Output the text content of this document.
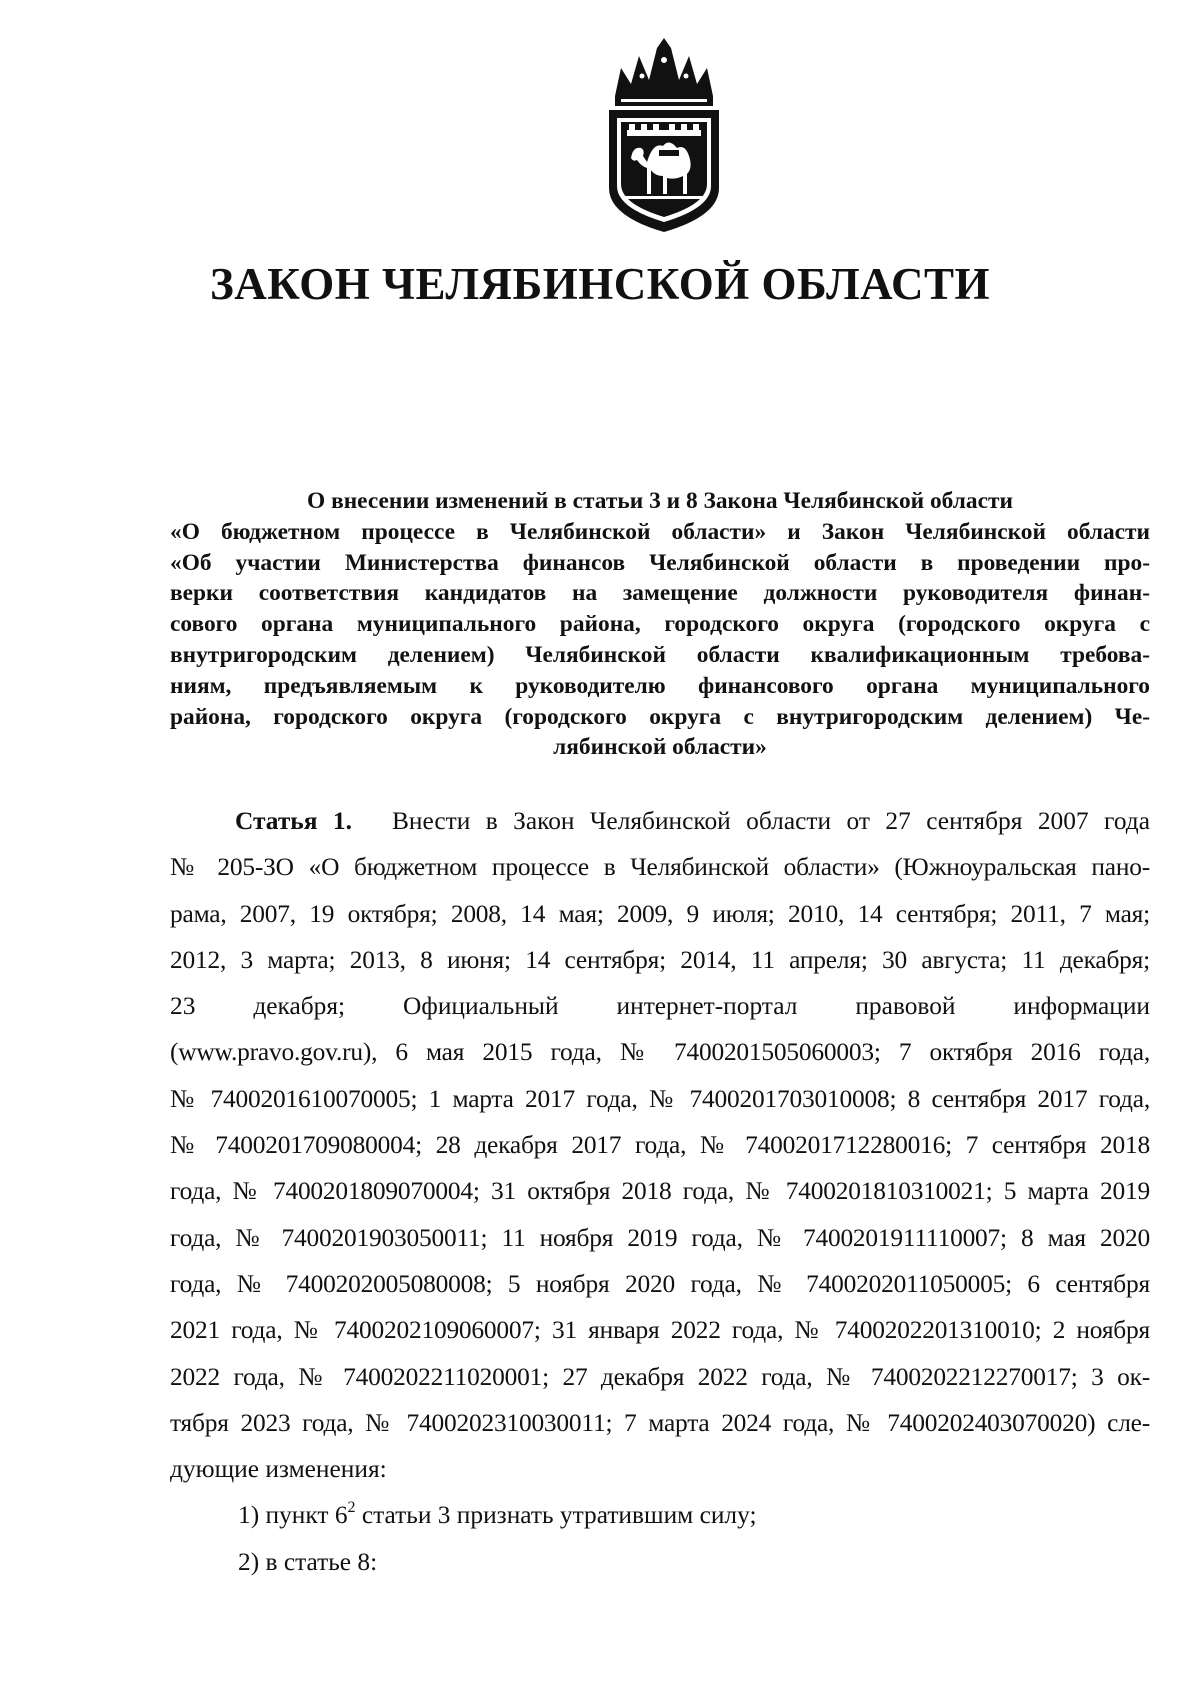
ЗАКОН ЧЕЛЯБИНСКОЙ ОБЛАСТИ
О внесении изменений в статьи 3 и 8 Закона Челябинской области
«О бюджетном процессе в Челябинской области» и Закон Челябинской области
«Об участии Министерства финансов Челябинской области в проведении про-
верки соответствия кандидатов на замещение должности руководителя финан-
сового органа муниципального района, городского округа (городского округа с
внутригородским делением) Челябинской области квалификационным требова-
ниям, предъявляемым к руководителю финансового органа муниципального
района, городского округа (городского округа с внутригородским делением) Че-
лябинской области»
Статья 1. Внести в Закон Челябинской области от 27 сентября 2007 года
№ 205-ЗО «О бюджетном процессе в Челябинской области» (Южноуральская пано-
рама, 2007, 19 октября; 2008, 14 мая; 2009, 9 июля; 2010, 14 сентября; 2011, 7 мая;
2012, 3 марта; 2013, 8 июня; 14 сентября; 2014, 11 апреля; 30 августа; 11 декабря;
23 декабря; Официальный интернет-портал правовой информации
(www.pravo.gov.ru), 6 мая 2015 года, № 7400201505060003; 7 октября 2016 года,
№ 7400201610070005; 1 марта 2017 года, № 7400201703010008; 8 сентября 2017 года,
№ 7400201709080004; 28 декабря 2017 года, № 7400201712280016; 7 сентября 2018
года, № 7400201809070004; 31 октября 2018 года, № 7400201810310021; 5 марта 2019
года, № 7400201903050011; 11 ноября 2019 года, № 7400201911110007; 8 мая 2020
года, № 7400202005080008; 5 ноября 2020 года, № 7400202011050005; 6 сентября
2021 года, № 7400202109060007; 31 января 2022 года, № 7400202201310010; 2 ноября
2022 года, № 7400202211020001; 27 декабря 2022 года, № 7400202212270017; 3 ок-
тября 2023 года, № 7400202310030011; 7 марта 2024 года, № 7400202403070020) сле-
дующие изменения:
1) пункт $6^2$ статьи 3 признать утратившим силу;
2) в статье 8:
